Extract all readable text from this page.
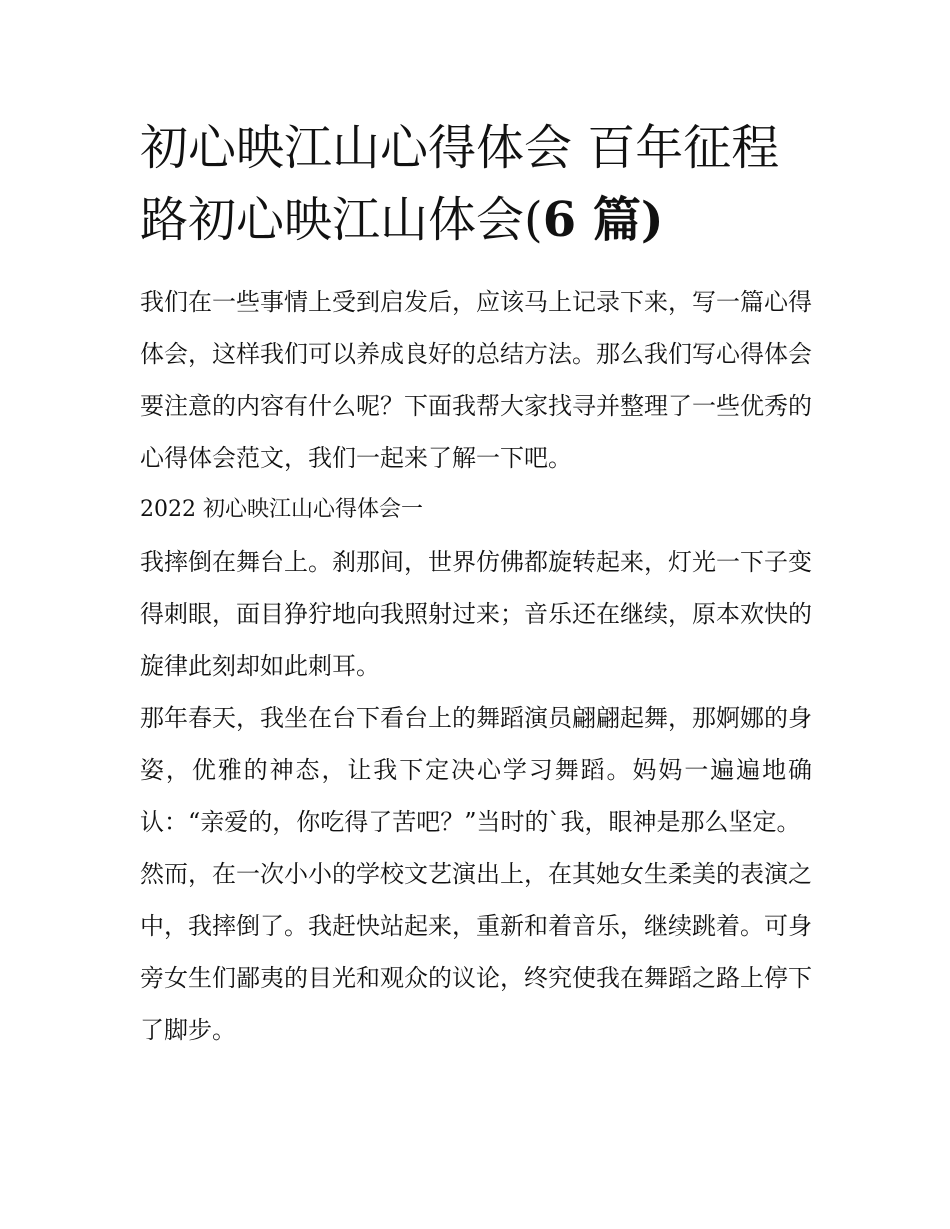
初心映江山心得体会 百年征程路初心映江山体会(6 篇)

我们在一些事情上受到启发后，应该马上记录下来，写一篇心得体会，这样我们可以养成良好的总结方法。那么我们写心得体会要注意的内容有什么呢？下面我帮大家找寻并整理了一些优秀的心得体会范文，我们一起来了解一下吧。

2022 初心映江山心得体会一

我摔倒在舞台上。刹那间，世界仿佛都旋转起来，灯光一下子变得刺眼，面目狰狞地向我照射过来；音乐还在继续，原本欢快的旋律此刻却如此刺耳。

那年春天，我坐在台下看台上的舞蹈演员翩翩起舞，那婀娜的身姿，优雅的神态，让我下定决心学习舞蹈。妈妈一遍遍地确认：“亲爱的，你吃得了苦吧？”当时的`我，眼神是那么坚定。

然而，在一次小小的学校文艺演出上，在其她女生柔美的表演之中，我摔倒了。我赶快站起来，重新和着音乐，继续跳着。可身旁女生们鄙夷的目光和观众的议论，终究使我在舞蹈之路上停下了脚步。
